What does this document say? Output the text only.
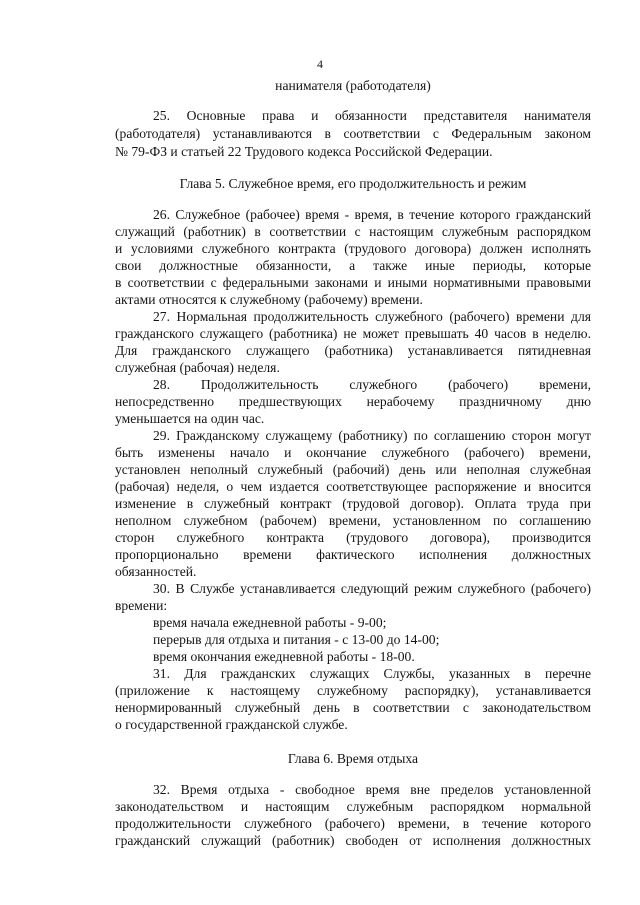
4
нанимателя (работодателя)
25. Основные права и обязанности представителя нанимателя
(работодателя) устанавливаются в соответствии с Федеральным законом
№ 79-ФЗ и статьей 22 Трудового кодекса Российской Федерации.
Глава 5. Служебное время, его продолжительность и режим
26. Служебное (рабочее) время - время, в течение которого гражданский
служащий (работник) в соответствии с настоящим служебным распорядком
и условиями служебного контракта (трудового договора) должен исполнять
свои должностные обязанности, а также иные периоды, которые
в соответствии с федеральными законами и иными нормативными правовыми
актами относятся к служебному (рабочему) времени.
27. Нормальная продолжительность служебного (рабочего) времени для
гражданского служащего (работника) не может превышать 40 часов в неделю.
Для гражданского служащего (работника) устанавливается пятидневная
служебная (рабочая) неделя.
28. Продолжительность служебного (рабочего) времени,
непосредственно предшествующих нерабочему праздничному дню
уменьшается на один час.
29. Гражданскому служащему (работнику) по соглашению сторон могут
быть изменены начало и окончание служебного (рабочего) времени,
установлен неполный служебный (рабочий) день или неполная служебная
(рабочая) неделя, о чем издается соответствующее распоряжение и вносится
изменение в служебный контракт (трудовой договор). Оплата труда при
неполном служебном (рабочем) времени, установленном по соглашению
сторон служебного контракта (трудового договора), производится
пропорционально времени фактического исполнения должностных
обязанностей.
30. В Службе устанавливается следующий режим служебного (рабочего)
времени:
время начала ежедневной работы - 9-00;
перерыв для отдыха и питания - с 13-00 до 14-00;
время окончания ежедневной работы - 18-00.
31. Для гражданских служащих Службы, указанных в перечне
(приложение к настоящему служебному распорядку), устанавливается
ненормированный служебный день в соответствии с законодательством
о государственной гражданской службе.
Глава 6. Время отдыха
32. Время отдыха - свободное время вне пределов установленной
законодательством и настоящим служебным распорядком нормальной
продолжительности служебного (рабочего) времени, в течение которого
гражданский служащий (работник) свободен от исполнения должностных
